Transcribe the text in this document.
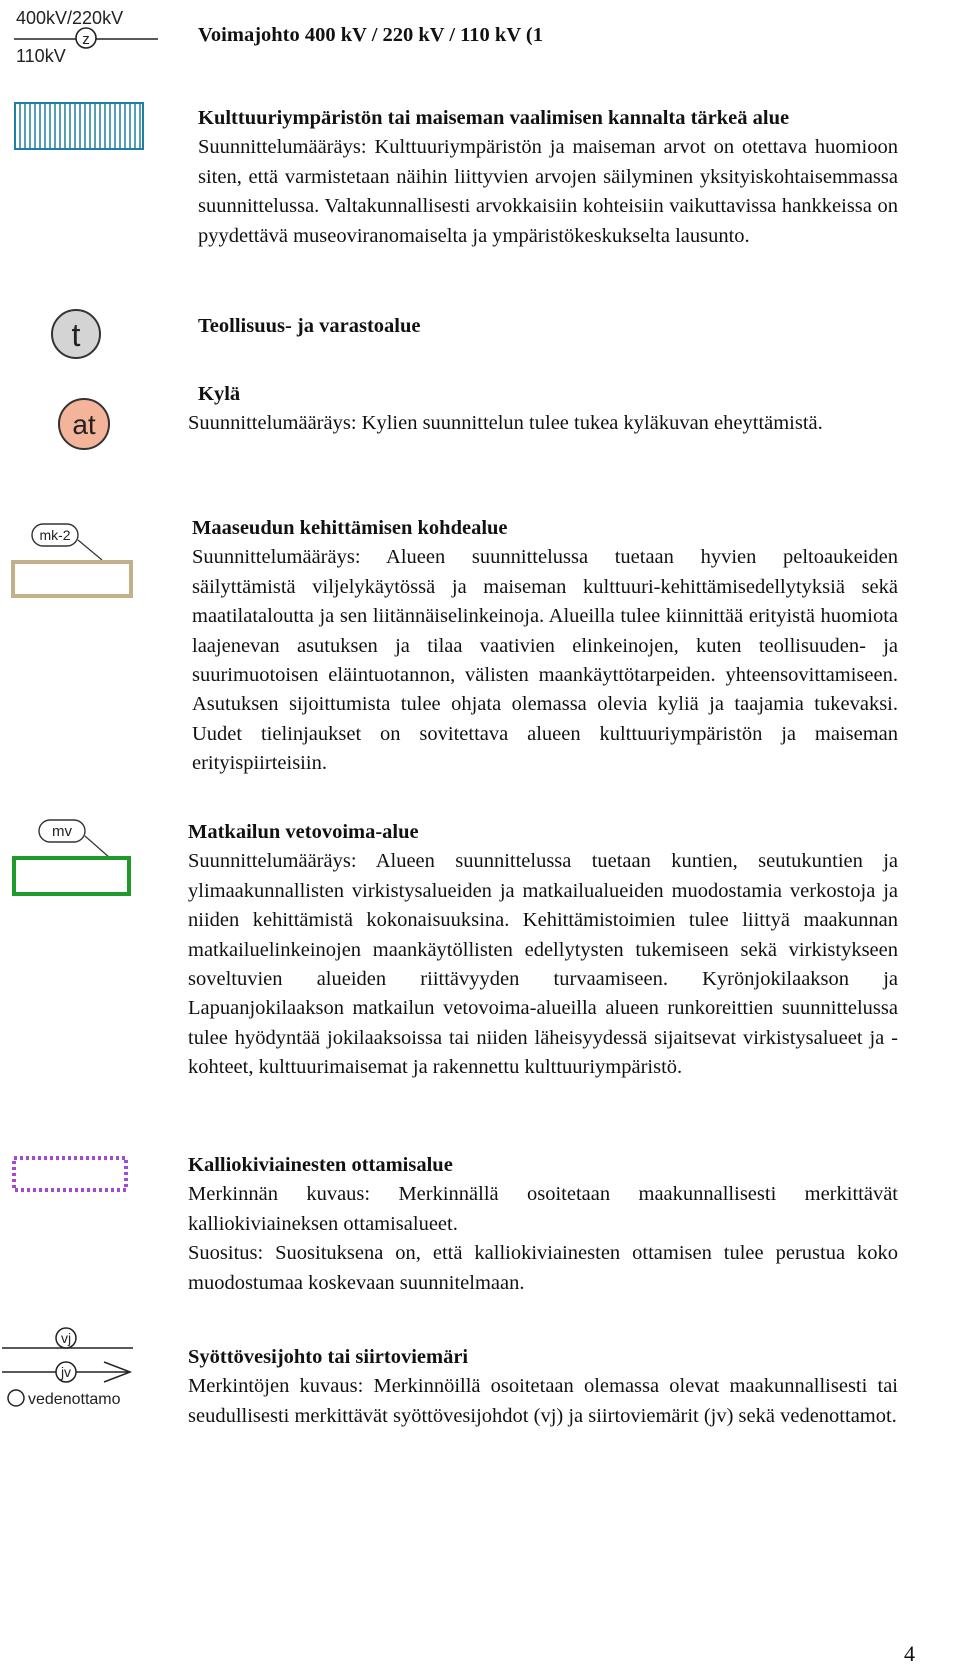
400kV/220kV
z
110kV
t
at
mk-2
mv
vj
jv
vedenottamo
Voimajohto 400 kV / 220 kV / 110 kV (1
Kulttuuriympäristön tai maiseman vaalimisen kannalta tärkeä alue

Suunnittelumääräys: Kulttuuriympäristön ja maiseman arvot on otettava huomioon siten, että varmistetaan näihin liittyvien arvojen säilyminen yksityiskohtaisemmassa suunnittelussa. Valtakunnallisesti arvokkaisiin kohteisiin vaikuttavissa hankkeissa on pyydettävä museoviranomaiselta ja ympäristökeskukselta lausunto.

Teollisuus- ja varastoalue
Kylä

Suunnittelumääräys: Kylien suunnittelun tulee tukea kyläkuvan eheyttämistä.

Maaseudun kehittämisen kohdealue

Suunnittelumääräys: Alueen suunnittelussa tuetaan hyvien peltoaukeiden säilyttämistä viljelykäytössä ja maiseman kulttuuri-kehittämisedellytyksiä sekä maatilataloutta ja sen liitännäiselinkeinoja. Alueilla tulee kiinnittää erityistä huomiota laajenevan asutuksen ja tilaa vaativien elinkeinojen, kuten teollisuuden- ja suurimuotoisen eläintuotannon, välisten maankäyttötarpeiden. yhteensovittamiseen. Asutuksen sijoittumista tulee ohjata olemassa olevia kyliä ja taajamia tukevaksi. Uudet tielinjaukset on sovitettava alueen kulttuuriympäristön ja maiseman erityispiirteisiin.

Matkailun vetovoima-alue

Suunnittelumääräys: Alueen suunnittelussa tuetaan kuntien, seutukuntien ja ylimaakunnallisten virkistysalueiden ja matkailualueiden muodostamia verkostoja ja niiden kehittämistä kokonaisuuksina. Kehittämistoimien tulee liittyä maakunnan matkailuelinkeinojen maankäytöllisten edellytysten tukemiseen sekä virkistykseen soveltuvien alueiden riittävyyden turvaamiseen. Kyrönjokilaakson ja Lapuanjokilaakson matkailun vetovoima-alueilla alueen runkoreittien suunnittelussa tulee hyödyntää jokilaaksoissa tai niiden läheisyydessä sijaitsevat virkistysalueet ja -kohteet, kulttuurimaisemat ja rakennettu kulttuuriympäristö.

Kalliokiviainesten ottamisalue

Merkinnän kuvaus: Merkinnällä osoitetaan maakunnallisesti merkittävät kalliokiviaineksen ottamisalueet.

Suositus: Suosituksena on, että kalliokiviainesten ottamisen tulee perustua koko muodostumaa koskevaan suunnitelmaan.

Syöttövesijohto tai siirtoviemäri

Merkintöjen kuvaus: Merkinnöillä osoitetaan olemassa olevat maakunnallisesti tai seudullisesti merkittävät syöttövesijohdot (vj) ja siirtoviemärit (jv) sekä vedenottamot.

4
